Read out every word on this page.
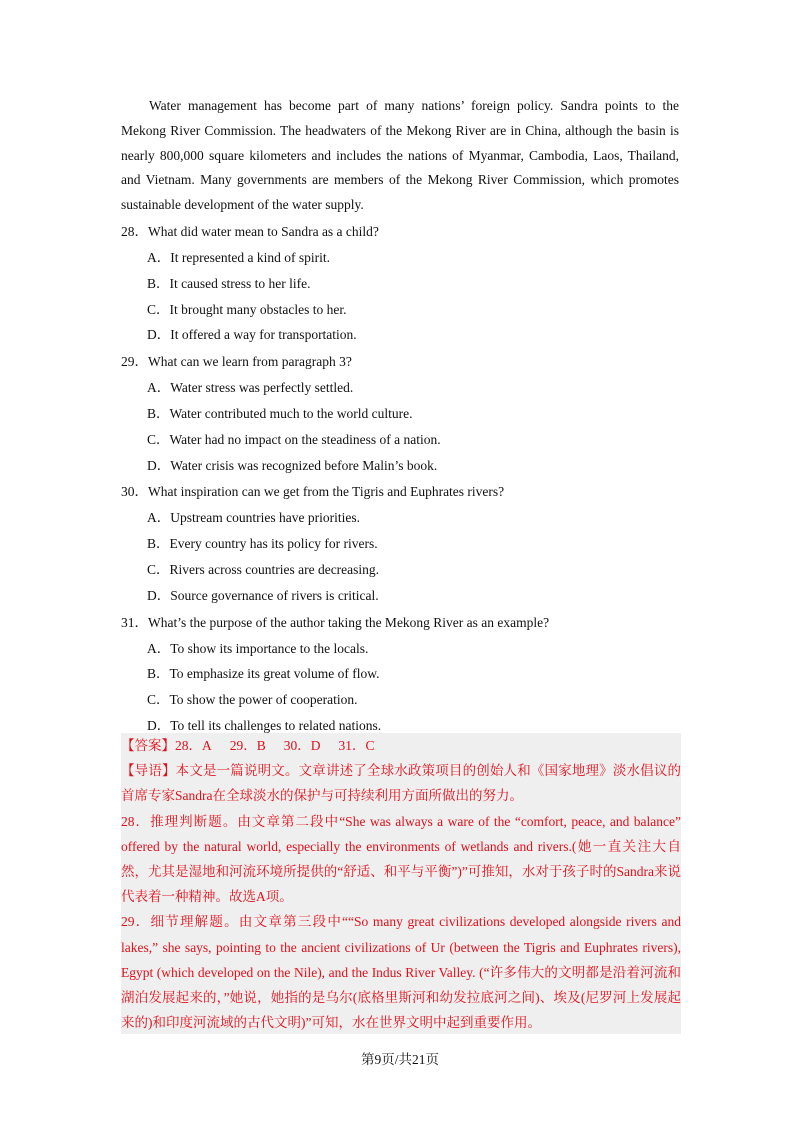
Water management has become part of many nations’ foreign policy. Sandra points to the Mekong River Commission. The headwaters of the Mekong River are in China, although the basin is nearly 800,000 square kilometers and includes the nations of Myanmar, Cambodia, Laos, Thailand, and Vietnam. Many governments are members of the Mekong River Commission, which promotes sustainable development of the water supply.

28．What did water mean to Sandra as a child?
A．It represented a kind of spirit.
B．It caused stress to her life.
C．It brought many obstacles to her.
D．It offered a way for transportation.
29．What can we learn from paragraph 3?
A．Water stress was perfectly settled.
B．Water contributed much to the world culture.
C．Water had no impact on the steadiness of a nation.
D．Water crisis was recognized before Malin’s book.
30．What inspiration can we get from the Tigris and Euphrates rivers?
A．Upstream countries have priorities.
B．Every country has its policy for rivers.
C．Rivers across countries are decreasing.
D．Source governance of rivers is critical.
31．What’s the purpose of the author taking the Mekong River as an example?
A．To show its importance to the locals.
B．To emphasize its great volume of flow.
C．To show the power of cooperation.
D．To tell its challenges to related nations.
【答案】28．A 29．B 30．D 31．C

【导语】本文是一篇说明文。文章讲述了全球水政策项目的创始人和《国家地理》淡水倡议的首席专家Sandra在全球淡水的保护与可持续利用方面所做出的努力。

28．推理判断题。由文章第二段中“She was always a ware of the “comfort, peace, and balance” offered by the natural world, especially the environments of wetlands and rivers.(她一直关注大自然，尤其是湿地和河流环境所提供的“舒适、和平与平衡”)”可推知，水对于孩子时的Sandra来说代表着一种精神。故选A项。

29．细节理解题。由文章第三段中““So many great civilizations developed alongside rivers and lakes,” she says, pointing to the ancient civilizations of Ur (between the Tigris and Euphrates rivers), Egypt (which developed on the Nile), and the Indus River Valley. (“许多伟大的文明都是沿着河流和湖泊发展起来的，”她说，她指的是乌尔(底格里斯河和幼发拉底河之间)、埃及(尼罗河上发展起来的)和印度河流域的古代文明)”可知，水在世界文明中起到重要作用。

第9页/共21页
